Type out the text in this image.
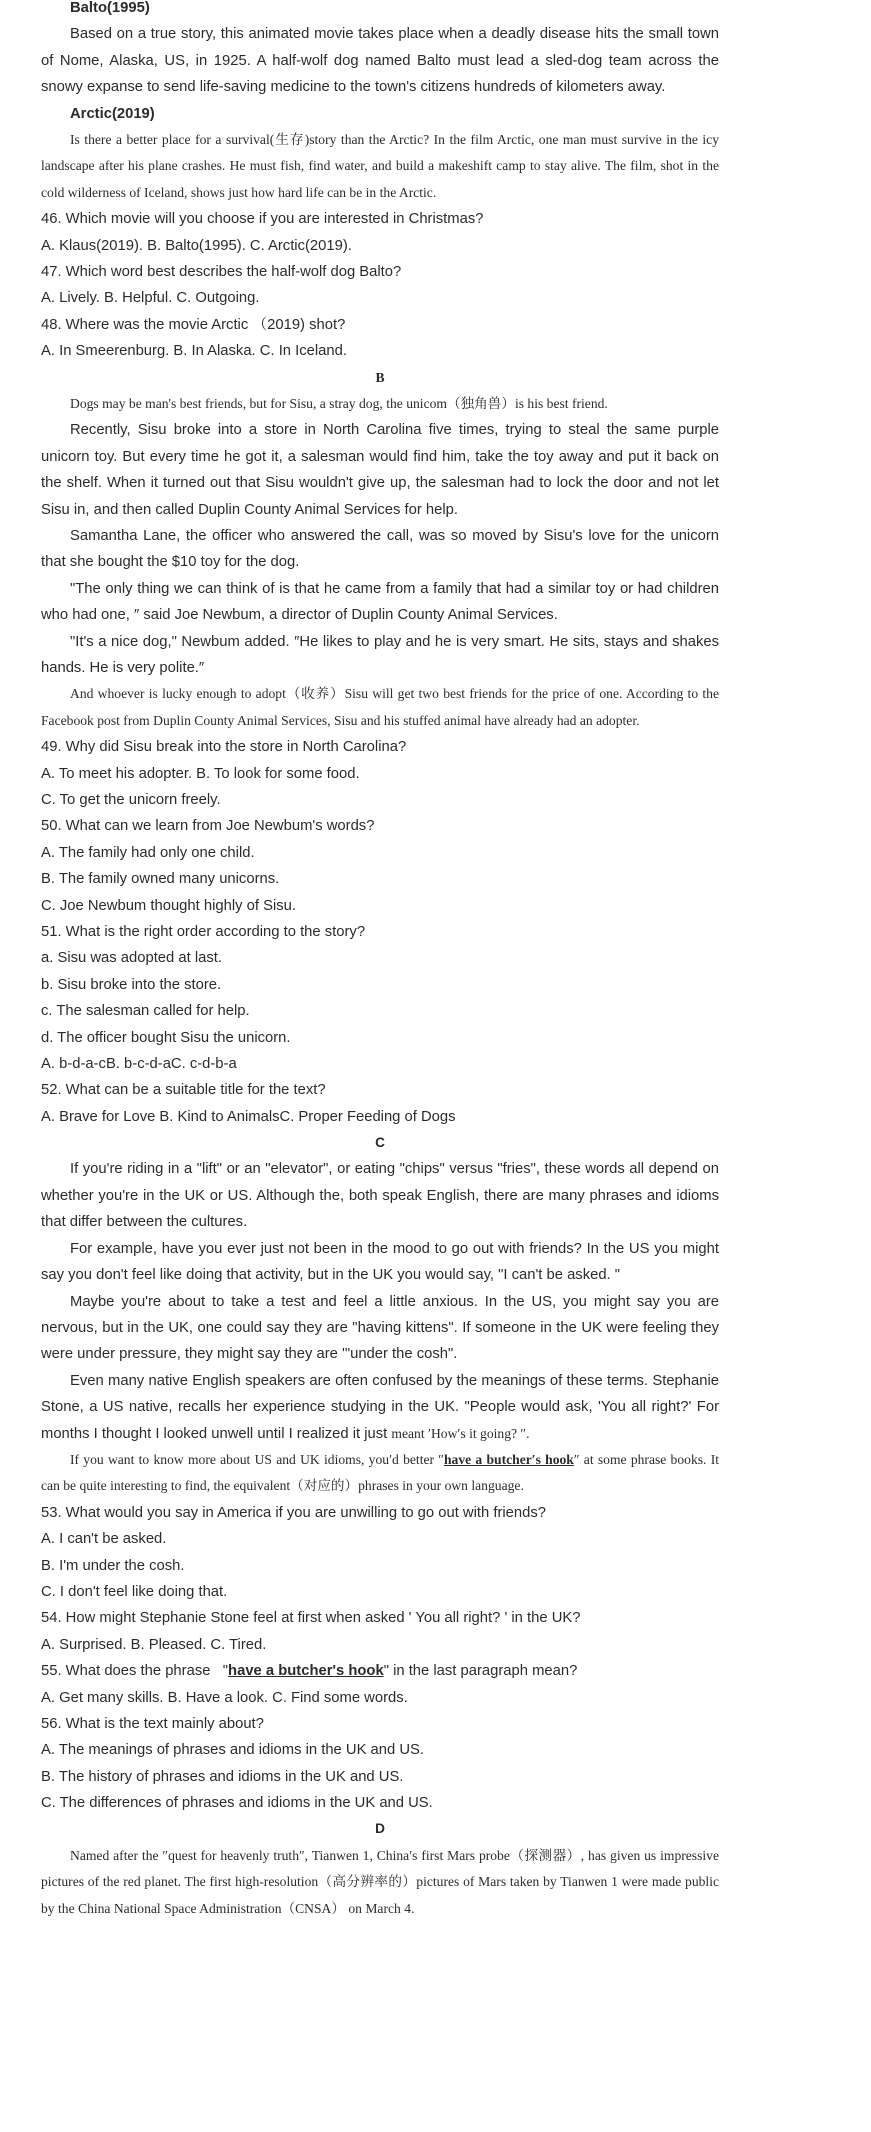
Balto(1995)

Based on a true story, this animated movie takes place when a deadly disease hits the small town of Nome, Alaska, US, in 1925. A half-wolf dog named Balto must lead a sled-dog team across the snowy expanse to send life-saving medicine to the town's citizens hundreds of kilometers away.

Arctic(2019)

Is there a better place for a survival(生存)story than the Arctic? In the film Arctic, one man must survive in the icy landscape after his plane crashes. He must fish, find water, and build a makeshift camp to stay alive. The film, shot in the cold wilderness of Iceland, shows just how hard life can be in the Arctic.

46. Which movie will you choose if you are interested in Christmas?
A. Klaus(2019). B. Balto(1995). C. Arctic(2019).
47. Which word best describes the half-wolf dog Balto?
A. Lively. B. Helpful. C. Outgoing.
48. Where was the movie Arctic （2019) shot?
A. In Smeerenburg. B. In Alaska. C. In Iceland.
B

Dogs may be man's best friends, but for Sisu, a stray dog, the unicom（独角兽）is his best friend.

Recently, Sisu broke into a store in North Carolina five times, trying to steal the same purple unicorn toy. But every time he got it, a salesman would find him, take the toy away and put it back on the shelf. When it turned out that Sisu wouldn't give up, the salesman had to lock the door and not let Sisu in, and then called Duplin County Animal Services for help.

Samantha Lane, the officer who answered the call, was so moved by Sisu's love for the unicorn that she bought the $10 toy for the dog.

"The only thing we can think of is that he came from a family that had a similar toy or had children who had one, ″ said Joe Newbum, a director of Duplin County Animal Services.

"It's a nice dog," Newbum added. ″He likes to play and he is very smart. He sits, stays and shakes hands. He is very polite.″

And whoever is lucky enough to adopt（收养）Sisu will get two best friends for the price of one. According to the Facebook post from Duplin County Animal Services, Sisu and his stuffed animal have already had an adopter.

49. Why did Sisu break into the store in North Carolina?
A. To meet his adopter. B. To look for some food.
C. To get the unicorn freely.
50. What can we learn from Joe Newbum's words?
A. The family had only one child.
B. The family owned many unicorns.
C. Joe Newbum thought highly of Sisu.
51. What is the right order according to the story?
a. Sisu was adopted at last.
b. Sisu broke into the store.
c. The salesman called for help.
d. The officer bought Sisu the unicorn.
A. b-d-a-cB. b-c-d-aC. c-d-b-a
52. What can be a suitable title for the text?
A. Brave for Love B. Kind to AnimalsC. Proper Feeding of Dogs
C

If you're riding in a "lift" or an "elevator", or eating "chips" versus "fries", these words all depend on whether you're in the UK or US. Although the, both speak English, there are many phrases and idioms that differ between the cultures.

For example, have you ever just not been in the mood to go out with friends? In the US you might say you don't feel like doing that activity, but in the UK you would say, "I can't be asked. "

Maybe you're about to take a test and feel a little anxious. In the US, you might say you are nervous, but in the UK, one could say they are "having kittens". If someone in the UK were feeling they were under pressure, they might say they are '"under the cosh".

Even many native English speakers are often confused by the meanings of these terms. Stephanie Stone, a US native, recalls her experience studying in the UK. "People would ask, 'You all right?' For months I thought I looked unwell until I realized it just meant ′How′s it going? ″.

If you want to know more about US and UK idioms, you′d better ″have a butcher′s hook″ at some phrase books. It can be quite interesting to find, the equivalent（对应的）phrases in your own language.

53. What would you say in America if you are unwilling to go out with friends?
A. I can't be asked.
B. I'm under the cosh.
C. I don't feel like doing that.
54. How might Stephanie Stone feel at first when asked ' You all right? ' in the UK?
A. Surprised. B. Pleased. C. Tired.
55. What does the phrase   "have a butcher's hook" in the last paragraph mean?
A. Get many skills. B. Have a look. C. Find some words.
56. What is the text mainly about?
A. The meanings of phrases and idioms in the UK and US.
B. The history of phrases and idioms in the UK and US.
C. The differences of phrases and idioms in the UK and US.
D

Named after the ″quest for heavenly truth″, Tianwen 1, China′s first Mars probe（探测器）, has given us impressive pictures of the red planet. The first high-resolution（高分辨率的）pictures of Mars taken by Tianwen 1 were made public by the China National Space Administration（CNSA） on March 4.
